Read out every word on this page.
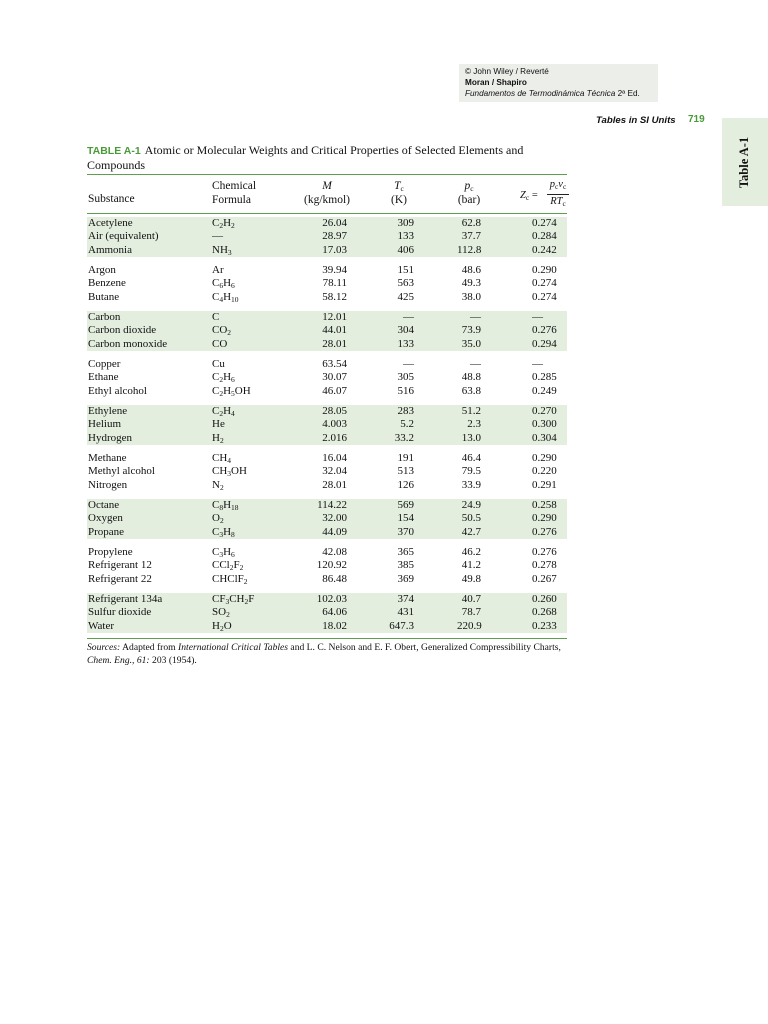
© John Wiley / Reverté
Moran / Shapiro
Fundamentos de Termodinámica Técnica 2ª Ed.
Tables in SI Units 719
Table A-1
TABLE A-1 Atomic or Molecular Weights and Critical Properties of Selected Elements and Compounds
Substance
Chemical
Formula
M
(kg/kmol)
$T_c$
(K)
$p_c$
(bar)	$Z_c$ =
$p_cv_c$
$RT_c$
Acetylene	$C_2H_2$	26.04	309	62.8	0.274
Air (equivalent)	—	28.97	133	37.7	0.284
Ammonia	$NH_3$	17.03	406	112.8	0.242
Argon	Ar	39.94	151	48.6	0.290
Benzene	$C_6H_6$	78.11	563	49.3	0.274
Butane	$C_4H_{10}$	58.12	425	38.0	0.274
Carbon	C	12.01	—	—	—
Carbon dioxide	$CO_2$	44.01	304	73.9	0.276
Carbon monoxide	CO	28.01	133	35.0	0.294
Copper	Cu	63.54	—	—	—
Ethane	$C_2H_6$	30.07	305	48.8	0.285
Ethyl alcohol	$C_2H_5OH$	46.07	516	63.8	0.249
Ethylene	$C_2H_4$	28.05	283	51.2	0.270
Helium	He	4.003	5.2	2.3	0.300
Hydrogen	$H_2$	2.016	33.2	13.0	0.304
Methane	$CH_4$	16.04	191	46.4	0.290
Methyl alcohol	$CH_3OH$	32.04	513	79.5	0.220
Nitrogen	$N_2$	28.01	126	33.9	0.291
Octane	$C_8H_{18}$	114.22	569	24.9	0.258
Oxygen	$O_2$	32.00	154	50.5	0.290
Propane	$C_3H_8$	44.09	370	42.7	0.276
Propylene	$C_3H_6$	42.08	365	46.2	0.276
Refrigerant 12	$CCl_2F_2$	120.92	385	41.2	0.278
Refrigerant 22	CHClF$_2$	86.48	369	49.8	0.267
Refrigerant 134a	$CF_3CH_2F$	102.03	374	40.7	0.260
Sulfur dioxide	$SO_2$	64.06	431	78.7	0.268
Water	$H_2O$	18.02	647.3	220.9	0.233
Sources: Adapted from International Critical Tables and L. C. Nelson and E. F. Obert, Generalized Compressibility Charts, Chem. Eng., 61: 203 (1954).
